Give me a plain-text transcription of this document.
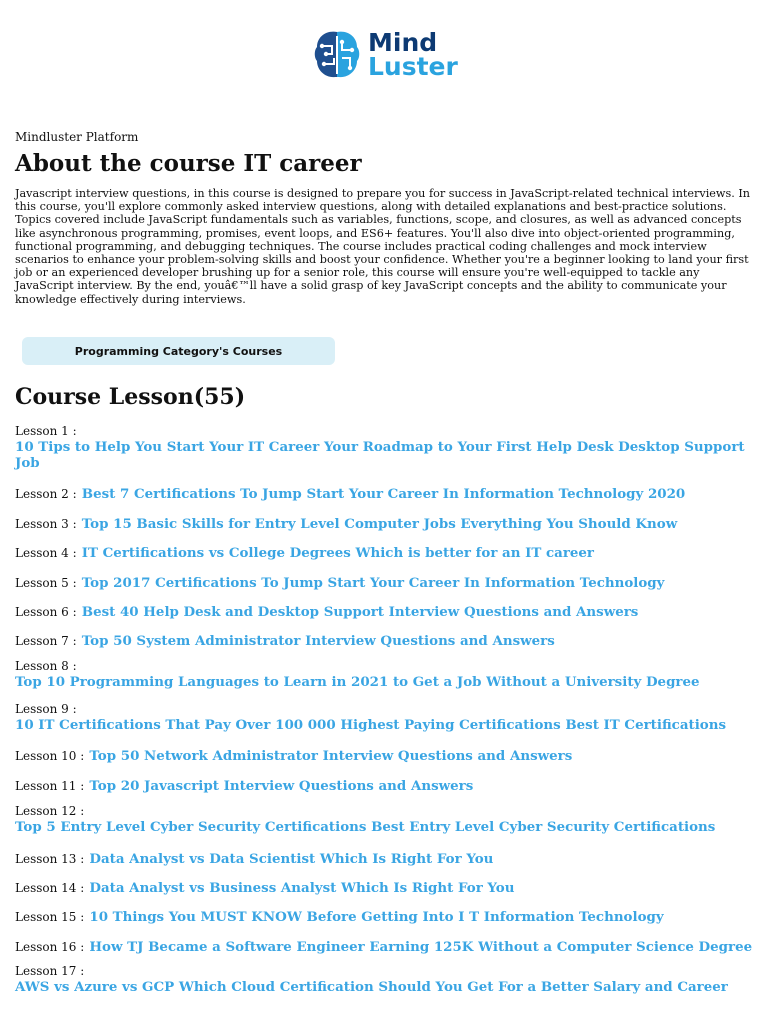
Mind
Luster
Mindluster Platform
About the course IT career

Javascript interview questions, in this course is designed to prepare you for success in JavaScript-related technical interviews. In this course, you'll explore commonly asked interview questions, along with detailed explanations and best-practice solutions. Topics covered include JavaScript fundamentals such as variables, functions, scope, and closures, as well as advanced concepts like asynchronous programming, promises, event loops, and ES6+ features. You'll also dive into object-oriented programming, functional programming, and debugging techniques. The course includes practical coding challenges and mock interview scenarios to enhance your problem-solving skills and boost your confidence. Whether you're a beginner looking to land your first job or an experienced developer brushing up for a senior role, this course will ensure you're well-equipped to tackle any JavaScript interview. By the end, youâ€™ll have a solid grasp of key JavaScript concepts and the ability to communicate your knowledge effectively during interviews.

Programming Category's Courses
Course Lesson(55)
Lesson 1 :
10 Tips to Help You Start Your IT Career Your Roadmap to Your First Help Desk Desktop Support Job
Lesson 2 : Best 7 Certifications To Jump Start Your Career In Information Technology 2020
Lesson 3 : Top 15 Basic Skills for Entry Level Computer Jobs Everything You Should Know
Lesson 4 : IT Certifications vs College Degrees Which is better for an IT career
Lesson 5 : Top 2017 Certifications To Jump Start Your Career In Information Technology
Lesson 6 : Best 40 Help Desk and Desktop Support Interview Questions and Answers
Lesson 7 : Top 50 System Administrator Interview Questions and Answers
Lesson 8 :
Top 10 Programming Languages to Learn in 2021 to Get a Job Without a University Degree
Lesson 9 :
10 IT Certifications That Pay Over 100 000 Highest Paying Certifications Best IT Certifications
Lesson 10 : Top 50 Network Administrator Interview Questions and Answers
Lesson 11 : Top 20 Javascript Interview Questions and Answers
Lesson 12 :
Top 5 Entry Level Cyber Security Certifications Best Entry Level Cyber Security Certifications
Lesson 13 : Data Analyst vs Data Scientist Which Is Right For You
Lesson 14 : Data Analyst vs Business Analyst Which Is Right For You
Lesson 15 : 10 Things You MUST KNOW Before Getting Into I T Information Technology
Lesson 16 : How TJ Became a Software Engineer Earning 125K Without a Computer Science Degree
Lesson 17 :
AWS vs Azure vs GCP Which Cloud Certification Should You Get For a Better Salary and Career
